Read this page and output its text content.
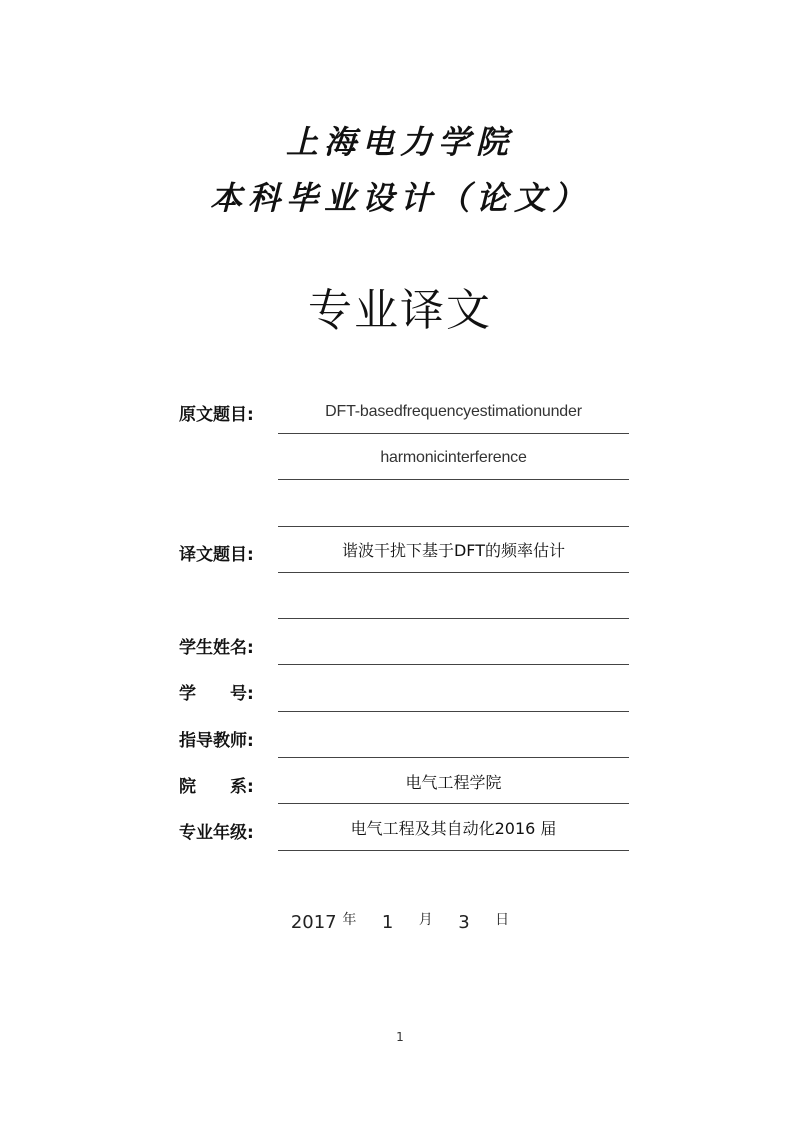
上海电力学院
本科毕业设计（论文）
专业译文
原文题目:	DFT-basedfrequencyestimationunder
harmonicinterference
译文题目:	谐波干扰下基于DFT的频率估计
学生姓名:
学　　号:
指导教师:
院　　系:	电气工程学院
专业年级:	电气工程及其自动化2016 届
2017 年 1 月 3 日
1
